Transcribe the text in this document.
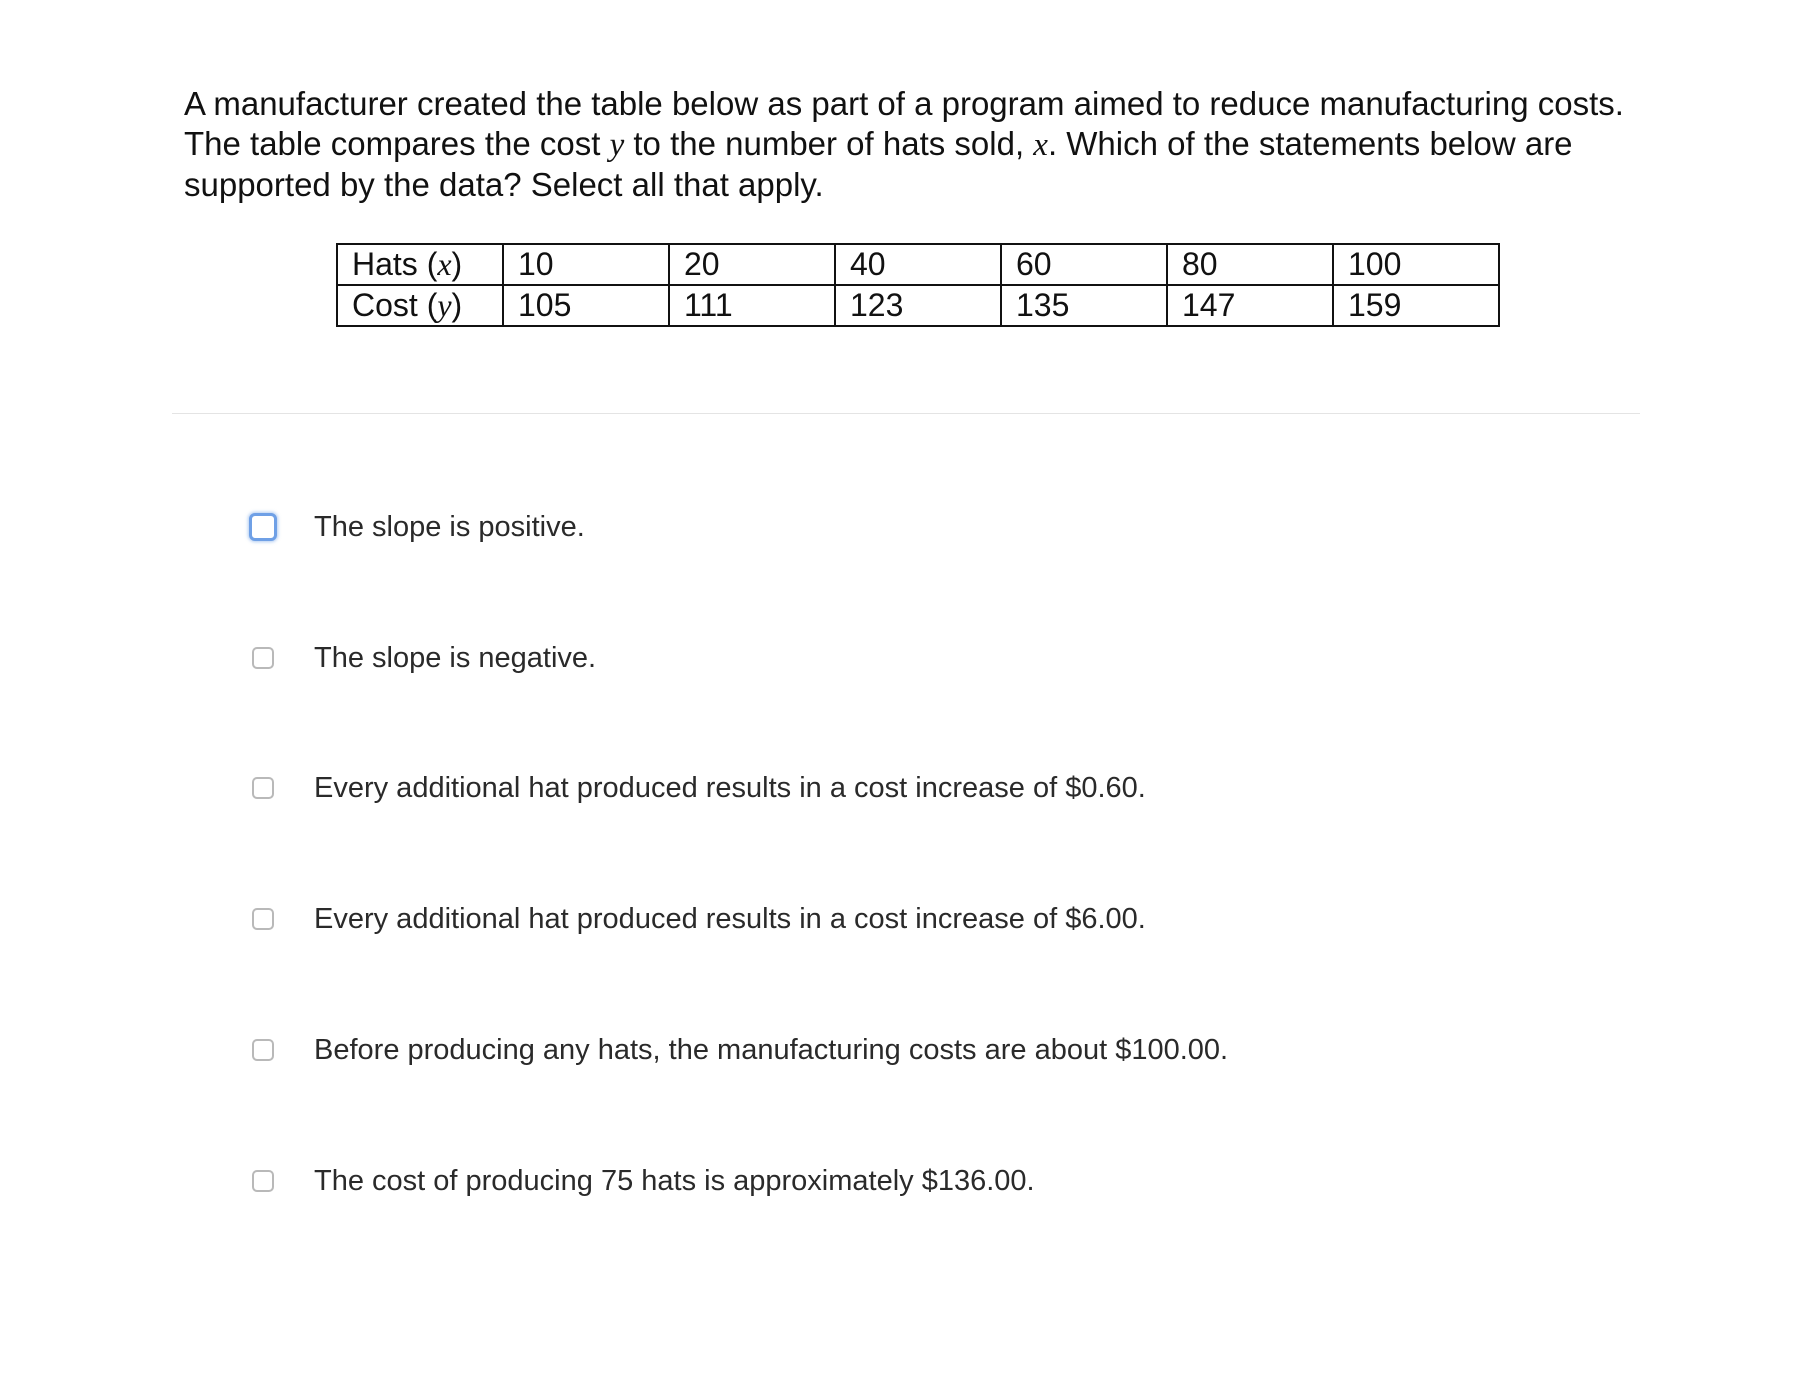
A manufacturer created the table below as part of a program aimed to reduce manufacturing costs.
The table compares the cost y to the number of hats sold, x. Which of the statements below are
supported by the data? Select all that apply.
Hats (x)	10	20	40	60	80	100
Cost (y)	105	111	123	135	147	159
The slope is positive.
The slope is negative.
Every additional hat produced results in a cost increase of $0.60.
Every additional hat produced results in a cost increase of $6.00.
Before producing any hats, the manufacturing costs are about $100.00.
The cost of producing 75 hats is approximately $136.00.
